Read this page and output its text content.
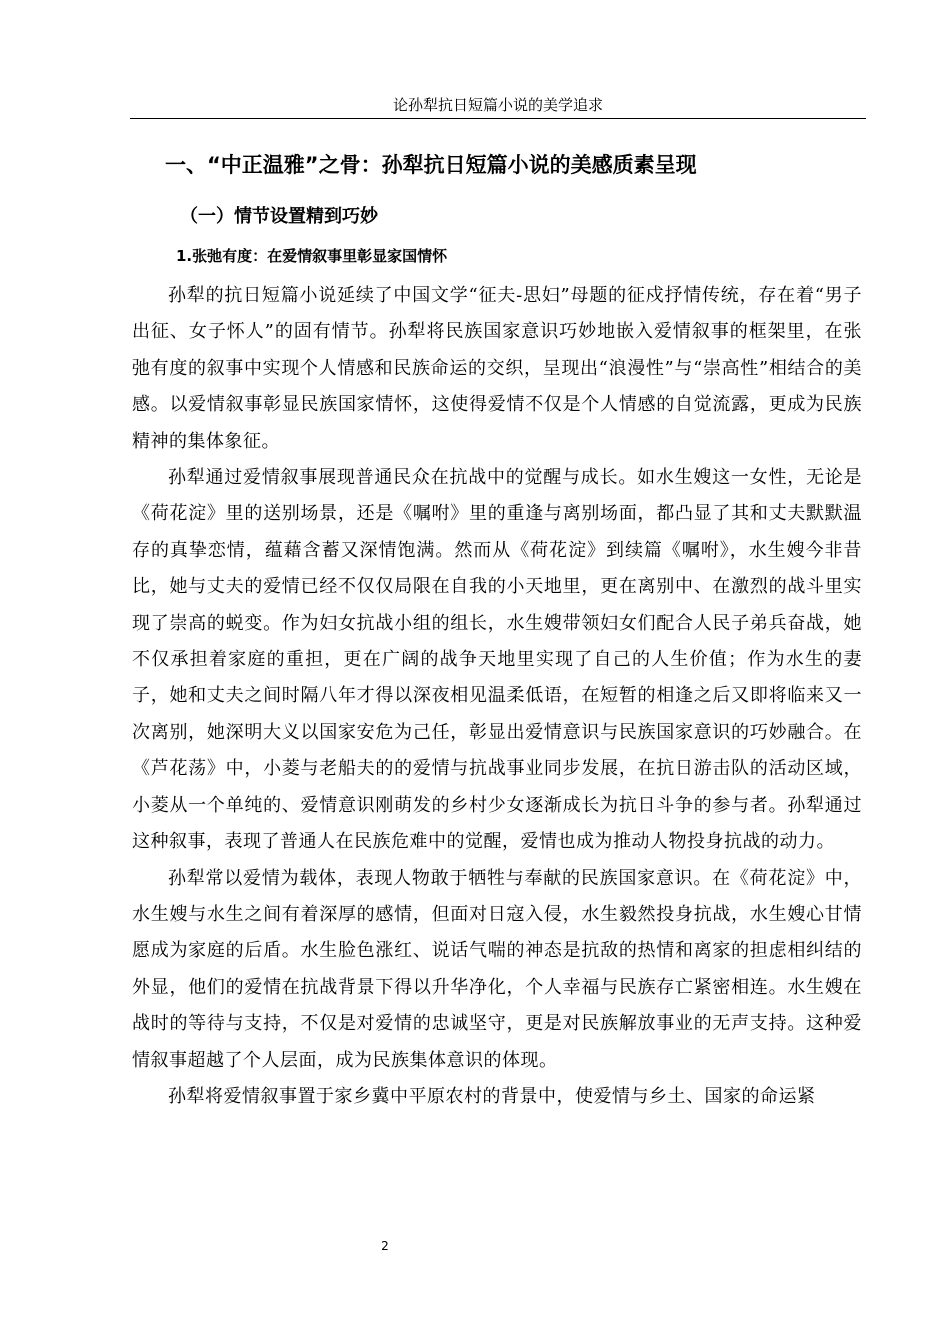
论孙犁抗日短篇小说的美学追求
一、“中正温雅”之骨：孙犁抗日短篇小说的美感质素呈现
（一）情节设置精到巧妙
1.张弛有度：在爱情叙事里彰显家国情怀

孙犁的抗日短篇小说延续了中国文学“征夫-思妇”母题的征戍抒情传统，存在着“男子出征、女子怀人”的固有情节。孙犁将民族国家意识巧妙地嵌入爱情叙事的框架里，在张弛有度的叙事中实现个人情感和民族命运的交织，呈现出“浪漫性”与“崇高性”相结合的美感。以爱情叙事彰显民族国家情怀，这使得爱情不仅是个人情感的自觉流露，更成为民族精神的集体象征。

孙犁通过爱情叙事展现普通民众在抗战中的觉醒与成长。如水生嫂这一女性，无论是《荷花淀》里的送别场景，还是《嘱咐》里的重逢与离别场面，都凸显了其和丈夫默默温存的真挚恋情，蕴藉含蓄又深情饱满。然而从《荷花淀》到续篇《嘱咐》，水生嫂今非昔比，她与丈夫的爱情已经不仅仅局限在自我的小天地里，更在离别中、在激烈的战斗里实现了崇高的蜕变。作为妇女抗战小组的组长，水生嫂带领妇女们配合人民子弟兵奋战，她不仅承担着家庭的重担，更在广阔的战争天地里实现了自己的人生价值；作为水生的妻子，她和丈夫之间时隔八年才得以深夜相见温柔低语，在短暂的相逢之后又即将临来又一次离别，她深明大义以国家安危为己任，彰显出爱情意识与民族国家意识的巧妙融合。在《芦花荡》中，小菱与老船夫的的爱情与抗战事业同步发展，在抗日游击队的活动区域，小菱从一个单纯的、爱情意识刚萌发的乡村少女逐渐成长为抗日斗争的参与者。孙犁通过这种叙事，表现了普通人在民族危难中的觉醒，爱情也成为推动人物投身抗战的动力。

孙犁常以爱情为载体，表现人物敢于牺牲与奉献的民族国家意识。在《荷花淀》中，水生嫂与水生之间有着深厚的感情，但面对日寇入侵，水生毅然投身抗战，水生嫂心甘情愿成为家庭的后盾。水生脸色涨红、说话气喘的神态是抗敌的热情和离家的担虑相纠结的外显，他们的爱情在抗战背景下得以升华净化，个人幸福与民族存亡紧密相连。水生嫂在战时的等待与支持，不仅是对爱情的忠诚坚守，更是对民族解放事业的无声支持。这种爱情叙事超越了个人层面，成为民族集体意识的体现。

孙犁将爱情叙事置于家乡冀中平原农村的背景中，使爱情与乡土、国家的命运紧

2
